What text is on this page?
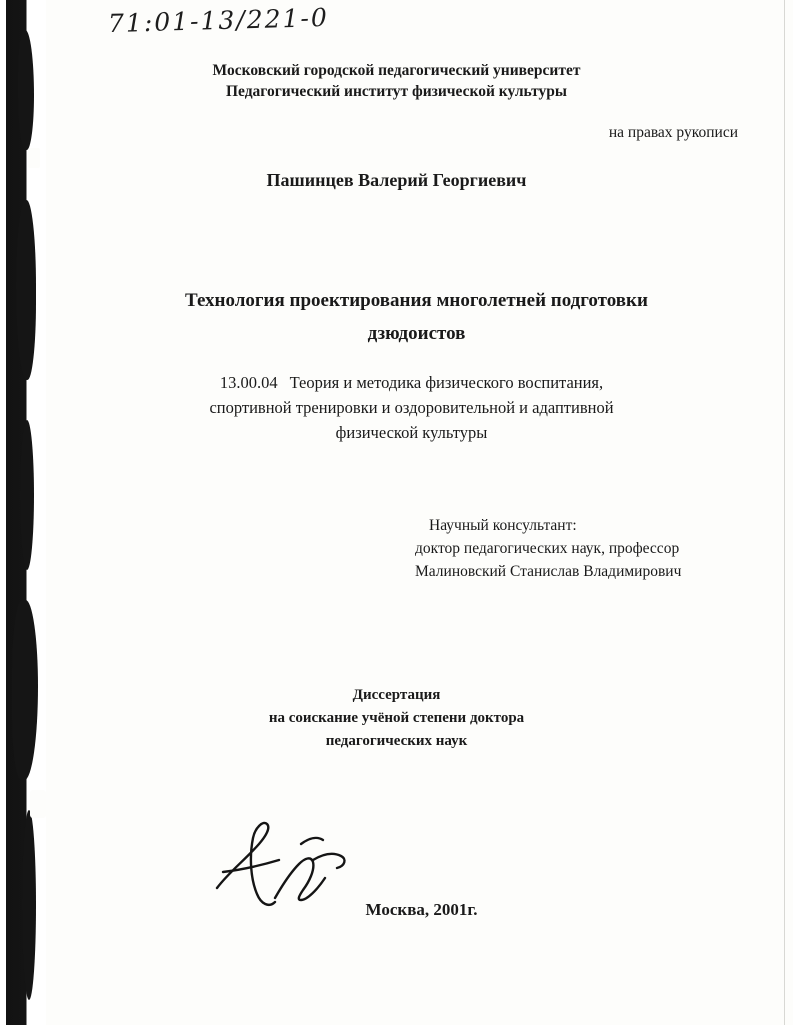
71:01-13/221-0
Московский городской педагогический университет
Педагогический институт физической культуры
на правах рукописи
Пашинцев Валерий Георгиевич
Технология проектирования многолетней подготовки
дзюдоистов
13.00.04 Теория и методика физического воспитания,
спортивной тренировки и оздоровительной и адаптивной
физической культуры
Научный консультант:
доктор педагогических наук, профессор
Малиновский Станислав Владимирович
Диссертация
на соискание учёной степени доктора
педагогических наук
Москва, 2001г.
